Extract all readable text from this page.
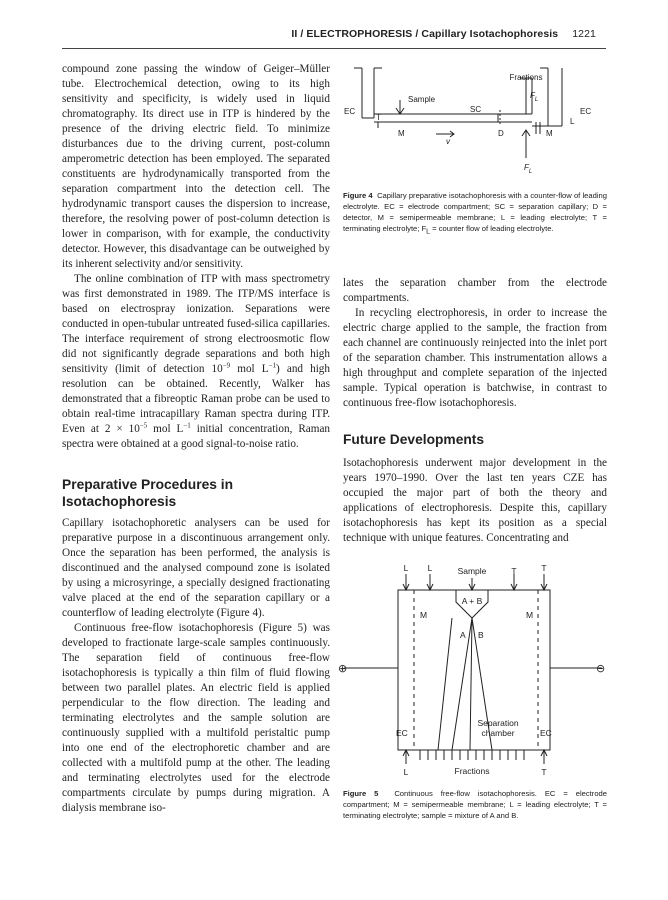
II / ELECTROPHORESIS / Capillary Isotachophoresis 1221

compound zone passing the window of Geiger–Müller tube. Electrochemical detection, owing to its high sensitivity and specificity, is widely used in liquid chromatography. Its direct use in ITP is hindered by the presence of the driving electric field. To minimize disturbances due to the driving current, post-column amperometric detection has been employed. The separated constituents are hydrodynamically transported from the separation compartment into the detection cell. The hydrodynamic transport causes the dispersion to increase, therefore, the resolving power of post-column detection is lower in comparison, with for example, the conductivity detector. However, this disadvantage can be outweighed by its inherent selectivity and/or sensitivity.

The online combination of ITP with mass spectrometry was first demonstrated in 1989. The ITP/MS interface is based on electrospray ionization. Separations were conducted in open-tubular untreated fused-silica capillaries. The interface requirement of strong electroosmotic flow did not significantly degrade separations and both high sensitivity (limit of detection $10^{-9}$ mol $L^{-1}$) and high resolution can be obtained. Recently, Walker has demonstrated that a fibreoptic Raman probe can be used to obtain real-time intracapillary Raman spectra during ITP. Even at $2 \times 10^{-5}$ mol $L^{-1}$ initial concentration, Raman spectra were obtained at a good signal-to-noise ratio.

Preparative Procedures in Isotachophoresis

Capillary isotachophoretic analysers can be used for preparative purpose in a discontinuous arrangement only. Once the separation has been performed, the analysis is discontinued and the analysed compound zone is isolated by using a microsyringe, a specially designed fractionating valve placed at the end of the separation capillary or a counterflow of leading electrolyte (Figure 4).

Continuous free-flow isotachophoresis (Figure 5) was developed to fractionate large-scale samples continuously. The separation field of continuous free-flow isotachophoresis is typically a thin film of fluid flowing between two parallel plates. An electric field is applied perpendicular to the flow direction. The leading and terminating electrolytes and the sample solution are continuously supplied with a multifold peristaltic pump into one end of the electrophoretic chamber and are collected with a multifold pump at the other. The leading and terminating electrolytes used for the electrode compartments circulate by pumps during migration. A dialysis membrane iso-

Fractions
Sample	$F_L$
EC	EC
SC
T	L
M
v
D	M
$F_L$
Figure 4 Capillary preparative isotachophoresis with a counter-flow of leading electrolyte. EC = electrode compartment; SC = separation capillary; D = detector, M = semipermeable membrane; L = leading electrolyte; T = terminating electrolyte; $F_L$ = counter flow of leading electrolyte.

lates the separation chamber from the electrode compartments.

In recycling electrophoresis, in order to increase the electric charge applied to the sample, the fraction from each channel are continuously reinjected into the inlet port of the separation chamber. This instrumentation allows a high throughput and complete separation of the injected sample. Typical operation is batchwise, in contrast to continuous free-flow isotachophoresis.

Future Developments

Isotachophoresis underwent major development in the years 1970–1990. Over the last ten years CZE has occupied the major part of both the theory and applications of electrophoresis. Despite this, capillary isotachophoresis has kept its position as a special technique with unique features. Concentrating and

L L	Sample	T	T
A + B
M	M
A B
⊕	⊖
Separation
chamber
EC	EC
L	Fractions	T
Figure 5 Continuous free-flow isotachophoresis. EC = electrode compartment; M = semipermeable membrane; L = leading electrolyte; T = terminating electrolyte; sample = mixture of A and B.
